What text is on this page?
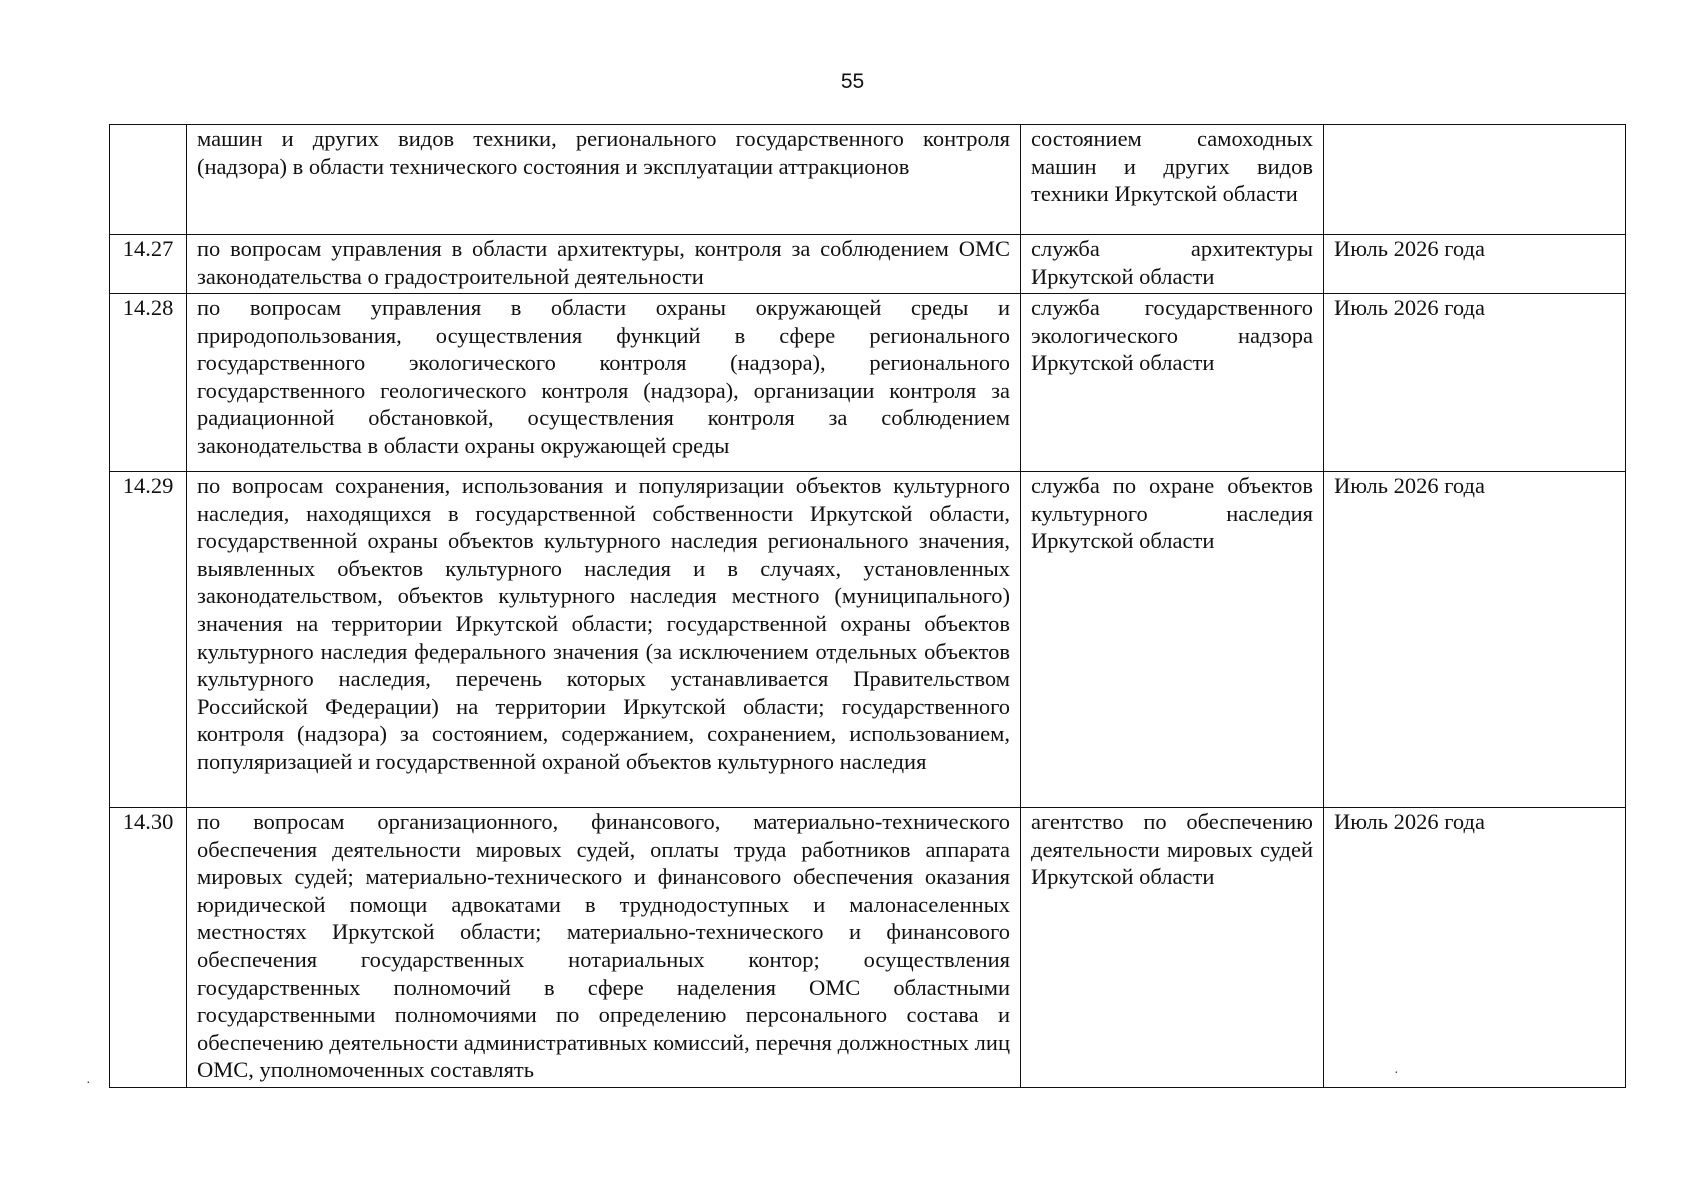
55
	машин и других видов техники, регионального государственного контроля (надзора) в области технического состояния и эксплуатации аттракционов	состоянием самоходных машин и других видов техники Иркутской области	
14.27	по вопросам управления в области архитектуры, контроля за соблюдением ОМС законодательства о градостроительной деятельности	служба архитектуры Иркутской области	Июль 2026 года
14.28	по вопросам управления в области охраны окружающей среды и природопользования, осуществления функций в сфере регионального государственного экологического контроля (надзора), регионального государственного геологического контроля (надзора), организации контроля за радиационной обстановкой, осуществления контроля за соблюдением законодательства в области охраны окружающей среды	служба государственного экологического надзора Иркутской области	Июль 2026 года
14.29	по вопросам сохранения, использования и популяризации объектов культурного наследия, находящихся в государственной собственности Иркутской области, государственной охраны объектов культурного наследия регионального значения, выявленных объектов культурного наследия и в случаях, установленных законодательством, объектов культурного наследия местного (муниципального) значения на территории Иркутской области; государственной охраны объектов культурного наследия федерального значения (за исключением отдельных объектов культурного наследия, перечень которых устанавливается Правительством Российской Федерации) на территории Иркутской области; государственного контроля (надзора) за состоянием, содержанием, сохранением, использованием, популяризацией и государственной охраной объектов культурного наследия	служба по охране объектов культурного наследия Иркутской области	Июль 2026 года
14.30	по вопросам организационного, финансового, материально-технического обеспечения деятельности мировых судей, оплаты труда работников аппарата мировых судей; материально-технического и финансового обеспечения оказания юридической помощи адвокатами в труднодоступных и малонаселенных местностях Иркутской области; материально-технического и финансового обеспечения государственных нотариальных контор; осуществления государственных полномочий в сфере наделения ОМС областными государственными полномочиями по определению персонального состава и обеспечению деятельности административных комиссий, перечня должностных лиц ОМС, уполномоченных составлять	агентство по обеспечению деятельности мировых судей Иркутской области	Июль 2026 года
·
·
